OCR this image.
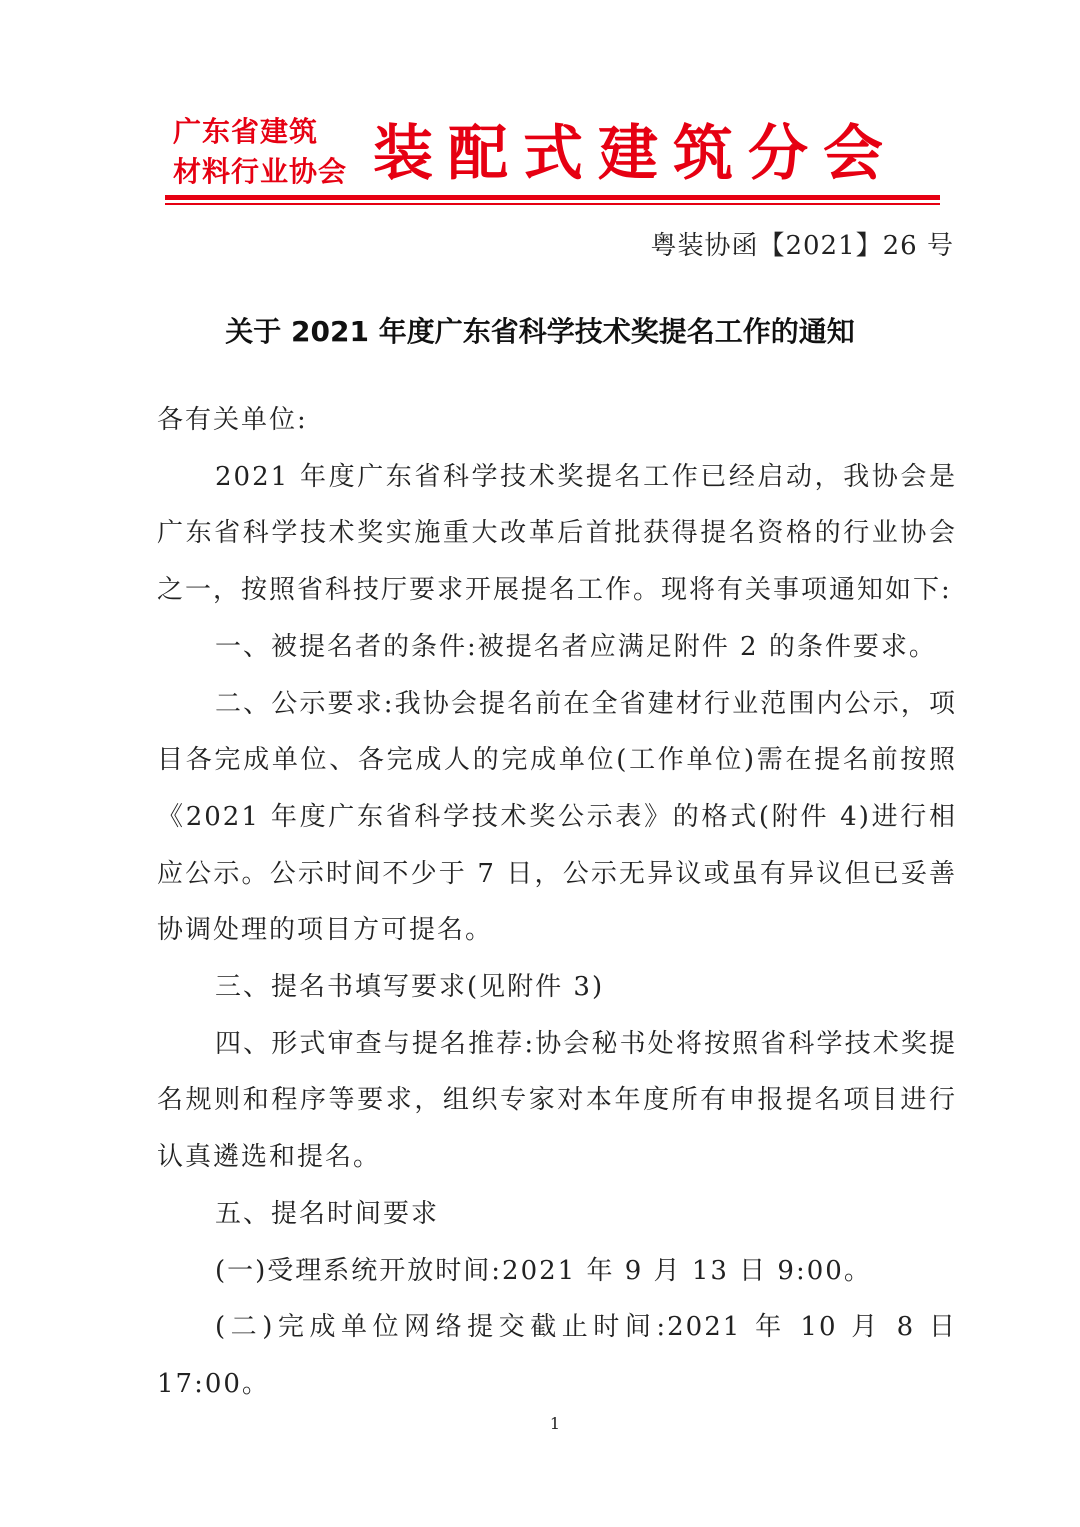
广东省建筑
材料行业协会 装配式建筑分会
粤装协函【2021】26 号
关于 2021 年度广东省科学技术奖提名工作的通知

各有关单位:

2021 年度广东省科学技术奖提名工作已经启动，我协会是广东省科学技术奖实施重大改革后首批获得提名资格的行业协会之一，按照省科技厅要求开展提名工作。现将有关事项通知如下:

一、被提名者的条件:被提名者应满足附件 2 的条件要求。

二、公示要求:我协会提名前在全省建材行业范围内公示，项目各完成单位、各完成人的完成单位(工作单位)需在提名前按照《2021 年度广东省科学技术奖公示表》的格式(附件 4)进行相应公示。公示时间不少于 7 日，公示无异议或虽有异议但已妥善协调处理的项目方可提名。

三、提名书填写要求(见附件 3)

四、形式审查与提名推荐:协会秘书处将按照省科学技术奖提名规则和程序等要求，组织专家对本年度所有申报提名项目进行认真遴选和提名。

五、提名时间要求

(一)受理系统开放时间:2021 年 9 月 13 日 9:00。

(二)完成单位网络提交截止时间:2021 年 10 月 8 日 17:00。

1
